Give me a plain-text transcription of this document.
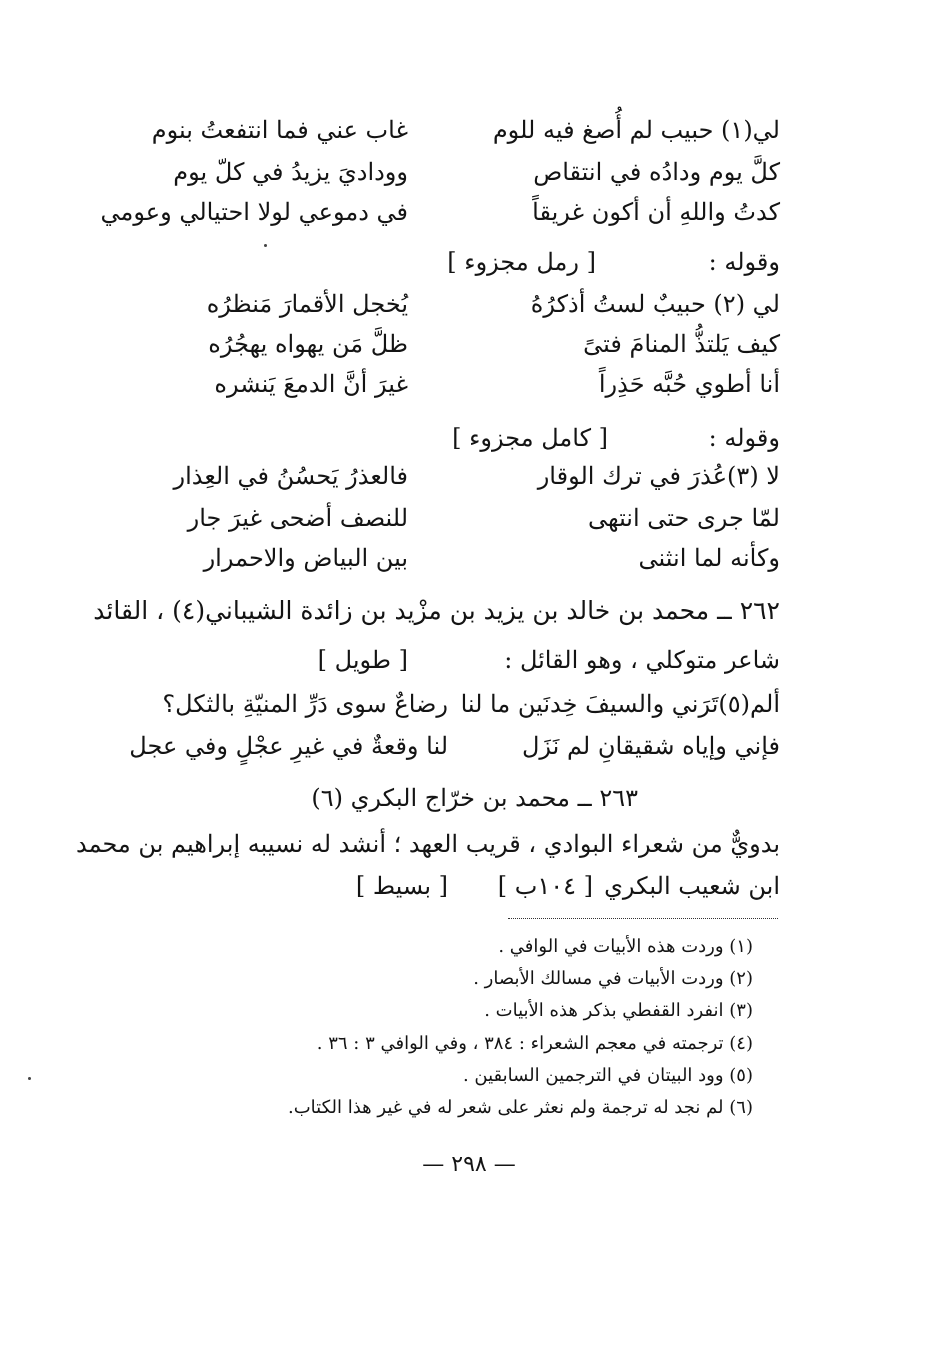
لي(١) حبيب لم أُصغ فيه للوم
غاب عني فما انتفعتُ بنوم
كلَّ يوم ودادُه في انتقاص
ووداديَ يزيدُ في كلّ يوم
كدتُ واللهِ أن أكون غريقاً
في دموعي لولا احتيالي وعومي
وقوله :
[ رمل مجزوء ]
لي (٢) حبيبٌ لستُ أذكرُهُ
يُخجل الأقمارَ مَنظرُه
كيف يَلتذُّ المنامَ فتىً
ظلَّ مَن يهواه يهجُرُه
أنا أطوي حُبَّه حَذِراً
غيرَ أنَّ الدمعَ يَنشره
وقوله :
[ كامل مجزوء ]
لا (٣)عُذرَ في ترك الوقار
فالعذرُ يَحسُنُ في العِذار
لمّا جرى حتى انتهى
للنصف أضحى غيرَ جار
وكأنه لما انثنى
بين البياض والاحمرار
٢٦٢ ــ محمد بن خالد بن يزيد بن مزْيد بن زائدة الشيباني(٤) ، القائد
شاعر متوكلي ، وهو القائل :
[ طويل ]
ألم(٥)تَرَني والسيفَ خِدنَين ما لنا
رضاعٌ سوى دَرِّ المنيّةِ بالثكل؟
فإني وإياه شقيقانِ لم نَزَل
لنا وقعةٌ في غيرِ عجْلٍ وفي عجل
٢٦٣ ــ محمد بن خرّاج البكري (٦)
بدويٌّ من شعراء البوادي ، قريب العهد ؛ أنشد له نسيبه إبراهيم بن محمد
ابن شعيب البكري
[ ١٠٤ب ]
[ بسيط ]
(١) وردت هذه الأبيات في الوافي .
(٢) وردت الأبيات في مسالك الأبصار .
(٣) انفرد القفطي بذكر هذه الأبيات .
(٤) ترجمته في معجم الشعراء : ٣٨٤ ، وفي الوافي ٣ : ٣٦ .
(٥) وود البيتان في الترجمين السابقين .
(٦) لم نجد له ترجمة ولم نعثر على شعر له في غير هذا الكتاب.
— ٢٩٨ —
